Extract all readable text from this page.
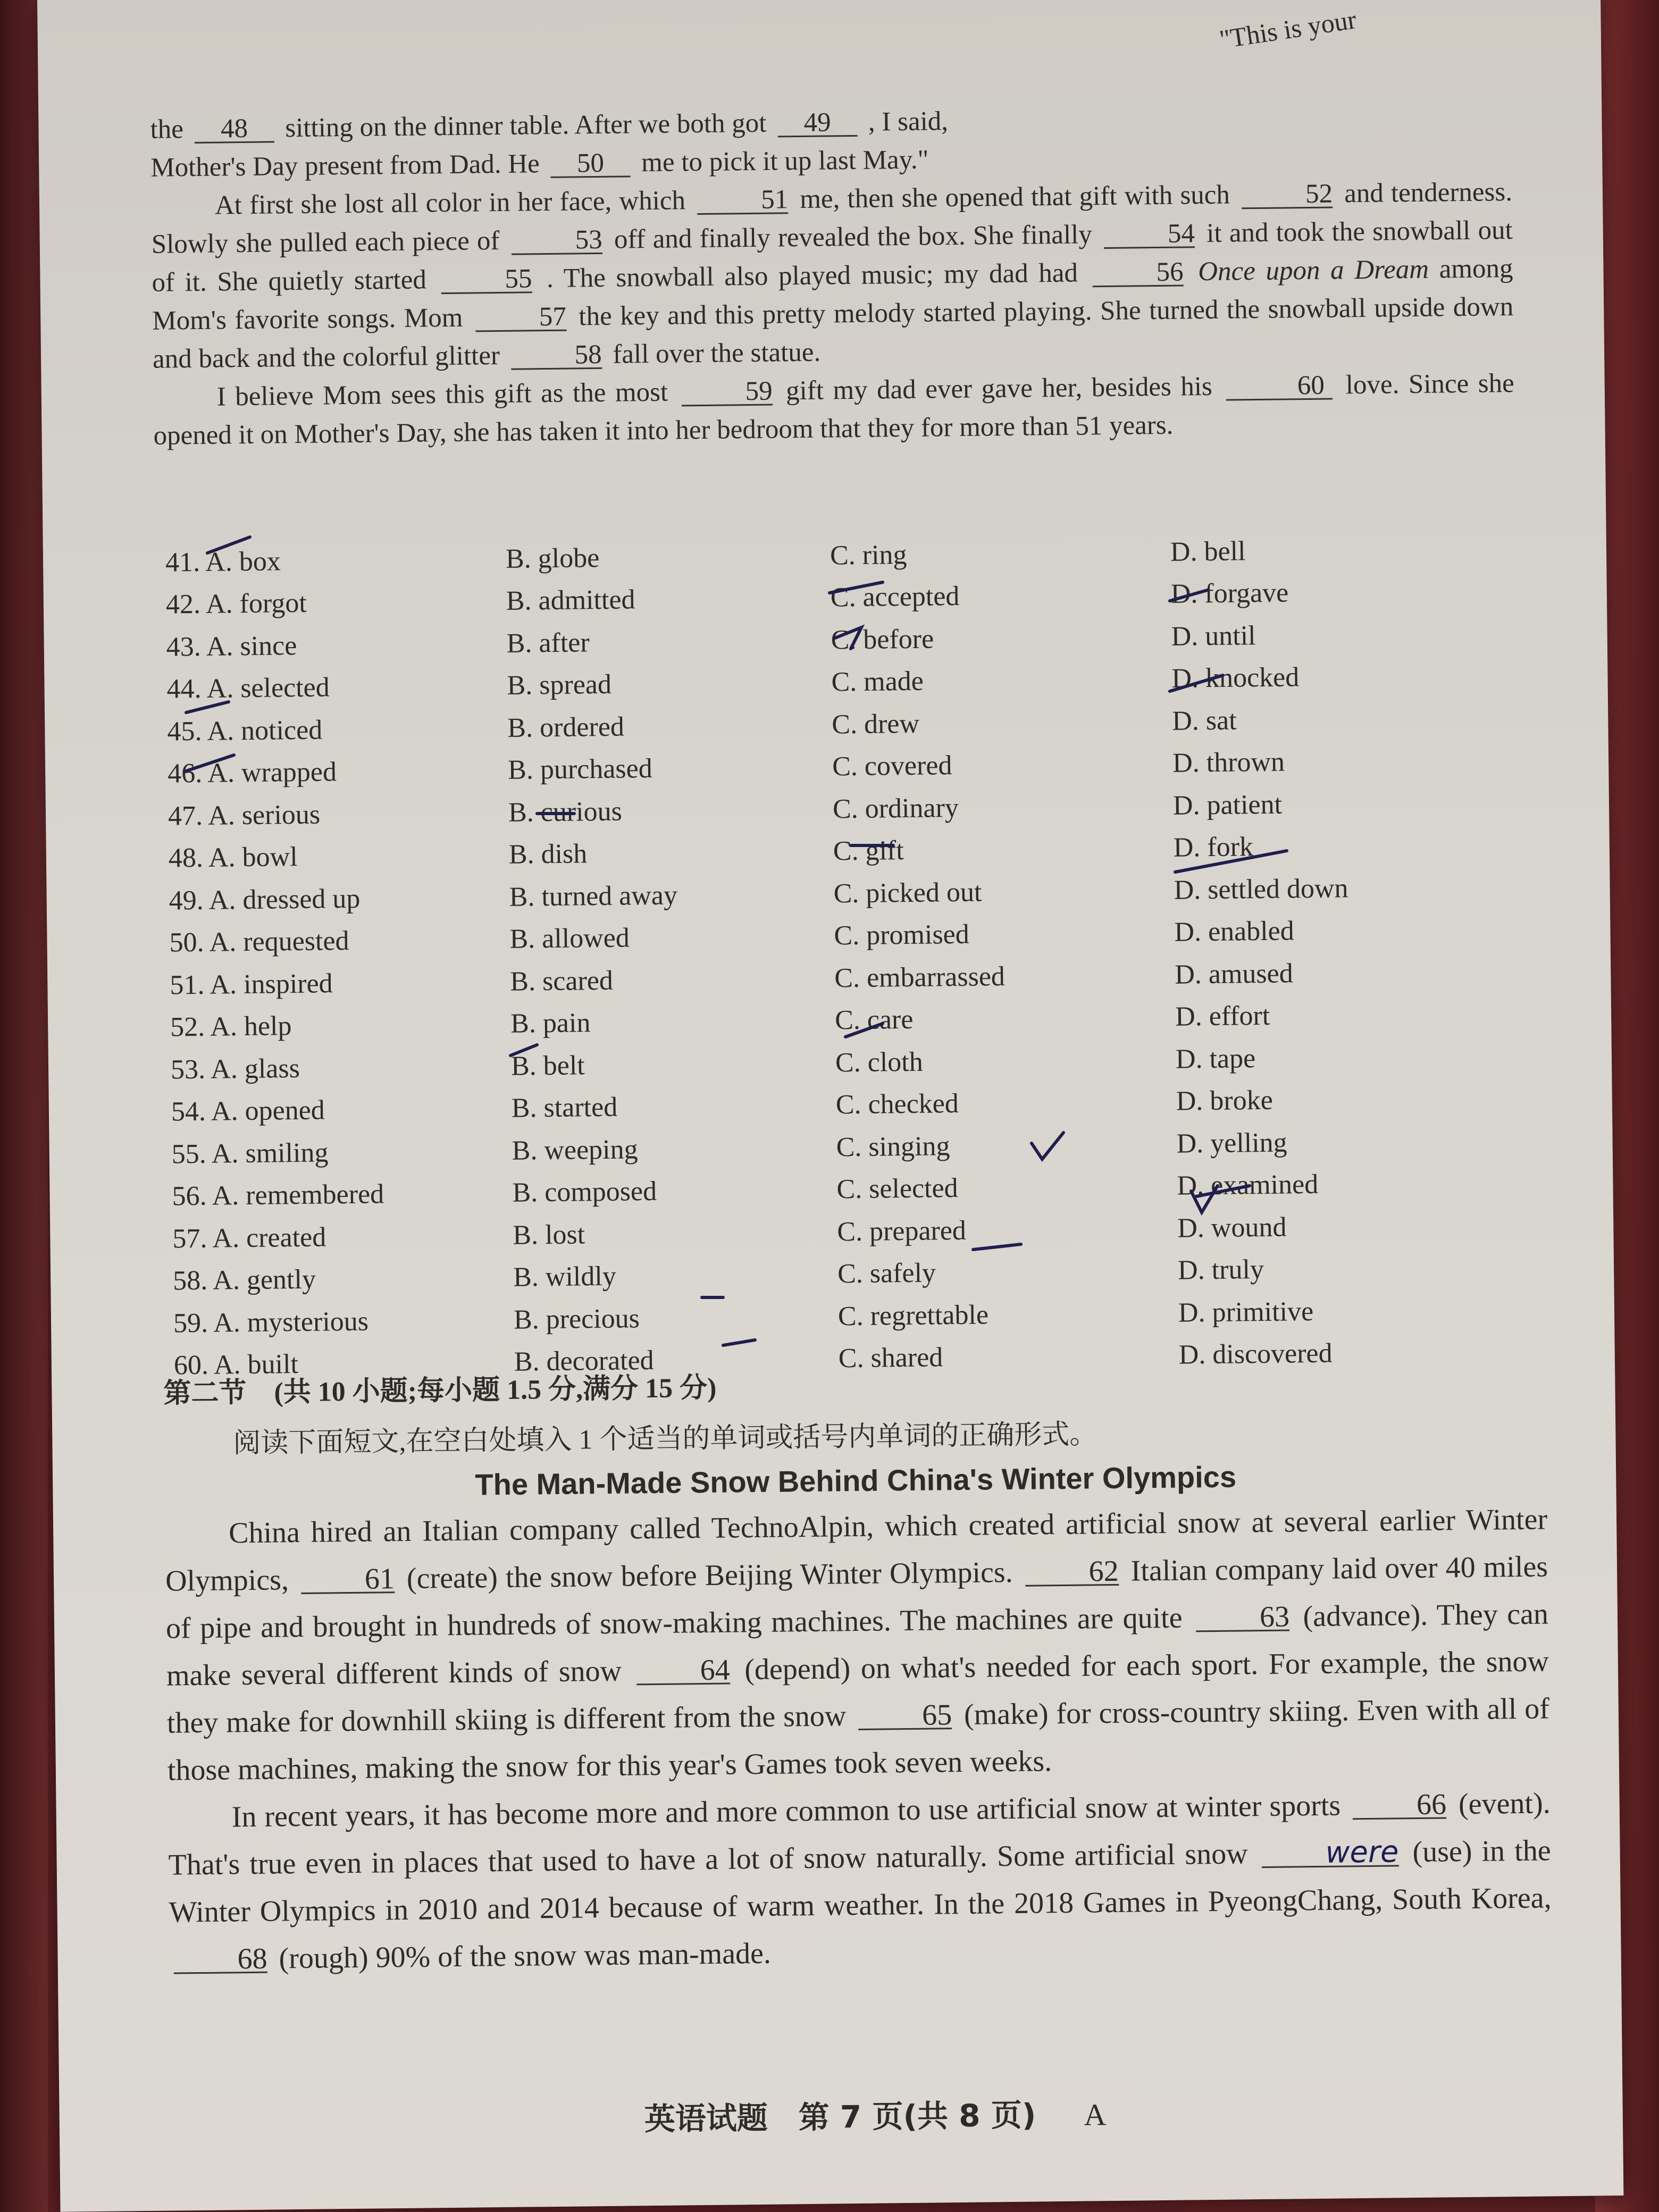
"This is your
the 48 sitting on the dinner table. After we both got 49 , I said,
Mother's Day present from Dad. He 50 me to pick it up last May."

At first she lost all color in her face, which	51 me, then she opened that gift with such	52 and tenderness. Slowly she pulled each piece of	53 off and finally revealed the box. She finally	54 it and took the snowball out of it. She quietly started	55 . The snowball also played music; my dad had	56 Once upon a Dream among Mom's favorite songs. Mom	57 the key and this pretty melody started playing. She turned the snowball upside down and back and the colorful glitter	58 fall over the statue.

I believe Mom sees this gift as the most	59 gift my dad ever gave her, besides his	60 love. Since she opened it on Mother's Day, she has taken it into her bedroom that they for more than 51 years.

41. A. box	B. globe	C. ring	D. bell
42. A. forgot	B. admitted	C. accepted	D. forgave
43. A. since	B. after	C. before	D. until
44. A. selected	B. spread	C. made	D. knocked
45. A. noticed	B. ordered	C. drew	D. sat
46. A. wrapped	B. purchased	C. covered	D. thrown
47. A. serious	B. curious	C. ordinary	D. patient
48. A. bowl	B. dish	C. gift	D. fork
49. A. dressed up	B. turned away	C. picked out	D. settled down
50. A. requested	B. allowed	C. promised	D. enabled
51. A. inspired	B. scared	C. embarrassed	D. amused
52. A. help	B. pain	C. care	D. effort
53. A. glass	B. belt	C. cloth	D. tape
54. A. opened	B. started	C. checked	D. broke
55. A. smiling	B. weeping	C. singing	D. yelling
56. A. remembered	B. composed	C. selected	D. examined
57. A. created	B. lost	C. prepared	D. wound
58. A. gently	B. wildly	C. safely	D. truly
59. A. mysterious	B. precious	C. regrettable	D. primitive
60. A. built	B. decorated	C. shared	D. discovered
第二节　(共 10 小题;每小题 1.5 分,满分 15 分)
阅读下面短文,在空白处填入 1 个适当的单词或括号内单词的正确形式。
The Man-Made Snow Behind China's Winter Olympics

China hired an Italian company called TechnoAlpin, which created artificial snow at several earlier Winter Olympics,	61 (create) the snow before Beijing Winter Olympics.	62 Italian company laid over 40 miles of pipe and brought in hundreds of snow-making machines. The machines are quite	63 (advance). They can make several different kinds of snow	64 (depend) on what's needed for each sport. For example, the snow they make for downhill skiing is different from the snow	65 (make) for cross-country skiing. Even with all of those machines, making the snow for this year's Games took seven weeks.

In recent years, it has become more and more common to use artificial snow at winter sports	66 (event). That's true even in places that used to have a lot of snow naturally. Some artificial snow	were (use) in the Winter Olympics in 2010 and 2014 because of warm weather. In the 2018 Games in PyeongChang, South Korea, 68 (rough) 90% of the snow was man-made.

英语试题　第 7 页(共 8 页) A
